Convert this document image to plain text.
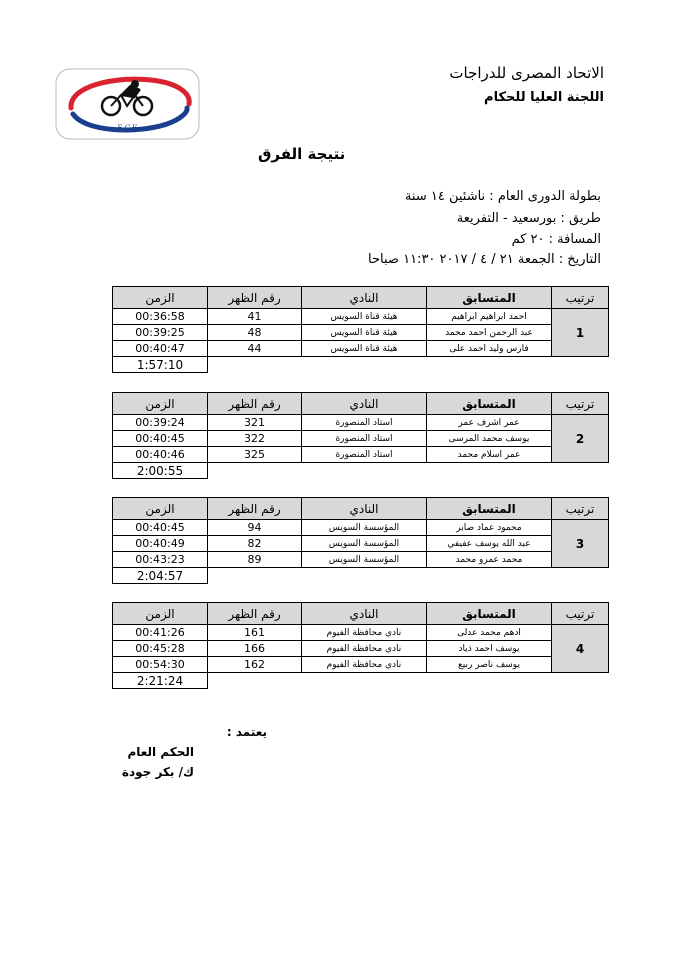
E.C.F
الاتحاد المصرى للدراجات
اللجنة العليا للحكام
نتيجة الفرق
بطولة الدورى العام : ناشئين ١٤ سنة
طريق : بورسعيد - التفريعة
المسافة : ٢٠ كم
التاريخ : الجمعة ٢١ / ٤ / ٢٠١٧ ١١:٣٠ صباحا
الزمن	رقم الظهر	النادي	المتسابق	ترتيب
00:36:58	41	هيئة قناة السويس	احمد ابراهيم ابراهيم	1
00:39:25	48	هيئة قناة السويس	عبد الرحمن احمد محمد	
00:40:47	44	هيئة قناة السويس	فارس وليد احمد على	
1:57:10				
الزمن	رقم الظهر	النادي	المتسابق	ترتيب
00:39:24	321	استاد المنصورة	عمر اشرف عمر	2
00:40:45	322	استاد المنصورة	يوسف محمد المرسى	
00:40:46	325	استاد المنصورة	عمر اسلام محمد	
2:00:55				
الزمن	رقم الظهر	النادي	المتسابق	ترتيب
00:40:45	94	المؤسسة السويس	محمود عماد صابر	3
00:40:49	82	المؤسسة السويس	عبد الله يوسف عفيفي	
00:43:23	89	المؤسسة السويس	محمد عمرو محمد	
2:04:57				
الزمن	رقم الظهر	النادي	المتسابق	ترتيب
00:41:26	161	نادي محافظة الفيوم	ادهم محمد عدلى	4
00:45:28	166	نادي محافظة الفيوم	يوسف احمد ذياد	
00:54:30	162	نادي محافظة الفيوم	يوسف ناصر ربيع	
2:21:24				
يعتمد :
الحكم العام
ك/ بكر جودة
